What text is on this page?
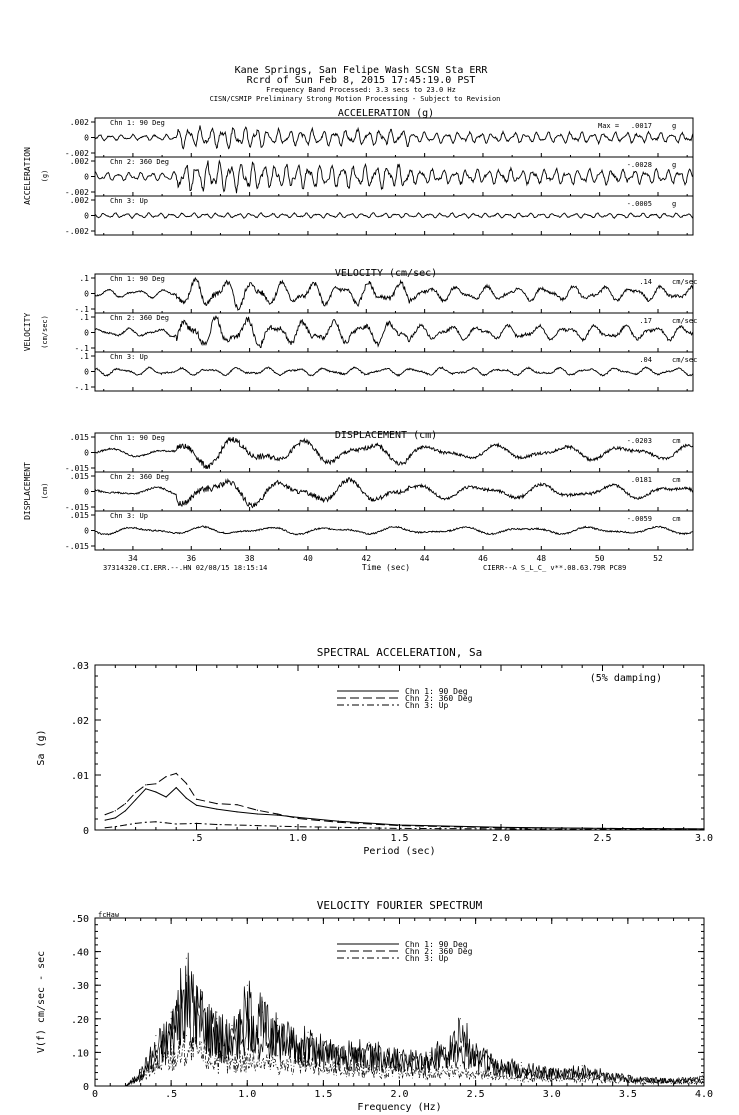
Kane Springs, San Felipe Wash SCSN Sta ERR
Rcrd of Sun Feb 8, 2015 17:45:19.0 PST
Frequency Band Processed: 3.3 secs to 23.0 Hz
CISN/CSMIP Preliminary Strong Motion Processing - Subject to Revision
ACCELERATION (g)
ACCELERATION (g)
.002
0
-.002
Chn 1: 90 Deg	Max = .0017	g
.002
0
-.002
Chn 2: 360 Deg	-.0028	g
.002
0
-.002
Chn 3: Up	-.0005	g
VELOCITY (cm/sec)
VELOCITY (cm/sec)
.1
0
-.1
Chn 1: 90 Deg	.14	cm/sec
.1
0
-.1
Chn 2: 360 Deg	.17	cm/sec
.1
0
-.1
Chn 3: Up	.04	cm/sec
DISPLACEMENT (cm)
DISPLACEMENT (cm)
.015
0
-.015
Chn 1: 90 Deg	-.0203	cm
.015
0
-.015
Chn 2: 360 Deg	.0181	cm
.015
0
-.015
Chn 3: Up	-.0059	cm
34	36	38	40	42	44	46	48	50	52
37314320.CI.ERR.--.HN 02/08/15 18:15:14	Time (sec)	CIERR--A S_L_C_ v**.08.63.79R PC89
SPECTRAL ACCELERATION, Sa
Period (sec)
Sa (g)
0
.01
.02
.03
.5	1.0	1.5	2.0	2.5	3.0
(5% damping)
Chn 1: 90 Deg
Chn 2: 360 Deg
Chn 3: Up
VELOCITY FOURIER SPECTRUM
Frequency (Hz)
V(f) cm/sec - sec
0
.10
.20
.30
.40
.50
0	.5	1.0	1.5	2.0	2.5	3.0	3.5	4.0
fcHaw
Chn 1: 90 Deg
Chn 2: 360 Deg
Chn 3: Up
